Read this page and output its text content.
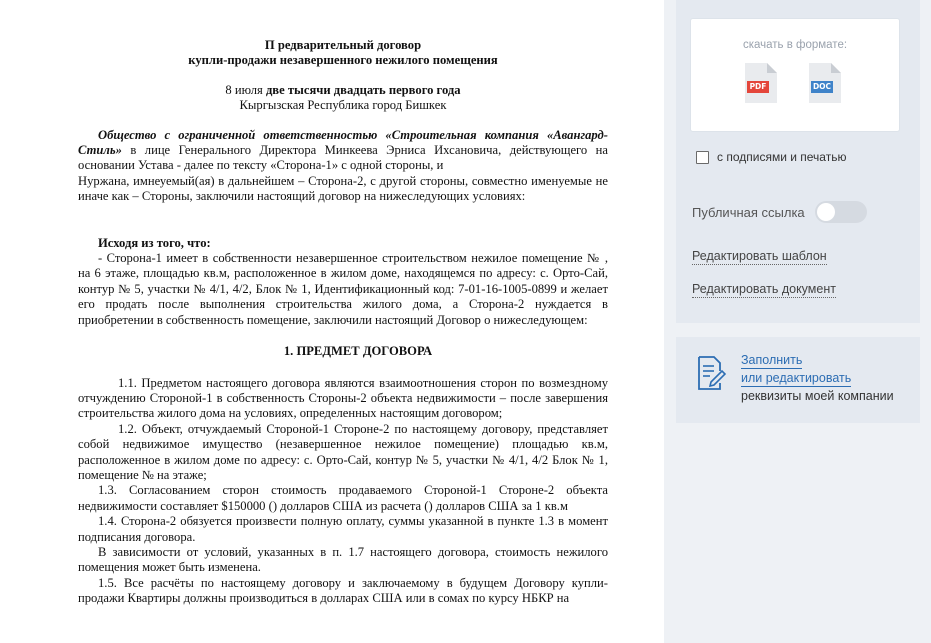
П редварительный договор

купли-продажи незавершенного нежилого помещения

8 июля две тысячи двадцать первого года

Кыргызская Республика город Бишкек

Общество с ограниченной ответственностью «Строительная компания «Авангард-Стиль» в лице Генерального Директора Минкеева Эрниса Ихсановича, действующего на основании Устава - далее по тексту «Сторона-1» с одной стороны, и

Нуржана, имнеуемый(ая) в дальнейшем – Сторона-2, с другой стороны, совместно именуемые не иначе как – Стороны, заключили настоящий договор на нижеследующих условиях:

Исходя из того, что:

- Сторона-1 имеет в собственности незавершенное строительством нежилое помещение № , на 6 этаже, площадью кв.м, расположенное в жилом доме, находящемся по адресу: с. Орто-Сай, контур № 5, участки № 4/1, 4/2, Блок № 1, Идентификационный код: 7-01-16-1005-0899 и желает его продать после выполнения строительства жилого дома, а Сторона-2 нуждается в приобретении в собственность помещение, заключили настоящий Договор о нижеследующем:

1. ПРЕДМЕТ ДОГОВОРА

1.1. Предметом настоящего договора являются взаимоотношения сторон по возмездному отчуждению Стороной-1 в собственность Стороны-2 объекта недвижимости – после завершения строительства жилого дома на условиях, определенных настоящим договором;

1.2. Объект, отчуждаемый Стороной-1 Стороне-2 по настоящему договору, представляет собой недвижимое имущество (незавершенное нежилое помещение) площадью кв.м, расположенное в жилом доме по адресу: с. Орто-Сай, контур № 5, участки № 4/1, 4/2 Блок № 1, помещение № на этаже;

1.3. Согласованием сторон стоимость продаваемого Стороной-1 Стороне-2 объекта недвижимости составляет $150000 () долларов США из расчета () долларов США за 1 кв.м

1.4. Сторона-2 обязуется произвести полную оплату, суммы указанной в пункте 1.3 в момент подписания договора.

В зависимости от условий, указанных в п. 1.7 настоящего договора, стоимость нежилого помещения может быть изменена.

1.5. Все расчёты по настоящему договору и заключаемому в будущем Договору купли-продажи Квартиры должны производиться в долларах США или в сомах по курсу НБКР на

скачать в формате:
PDF	DOC
с подписями и печатью
Публичная ссылка
Редактировать шаблон
Редактировать документ
Заполнить
или редактировать
реквизиты моей компании
